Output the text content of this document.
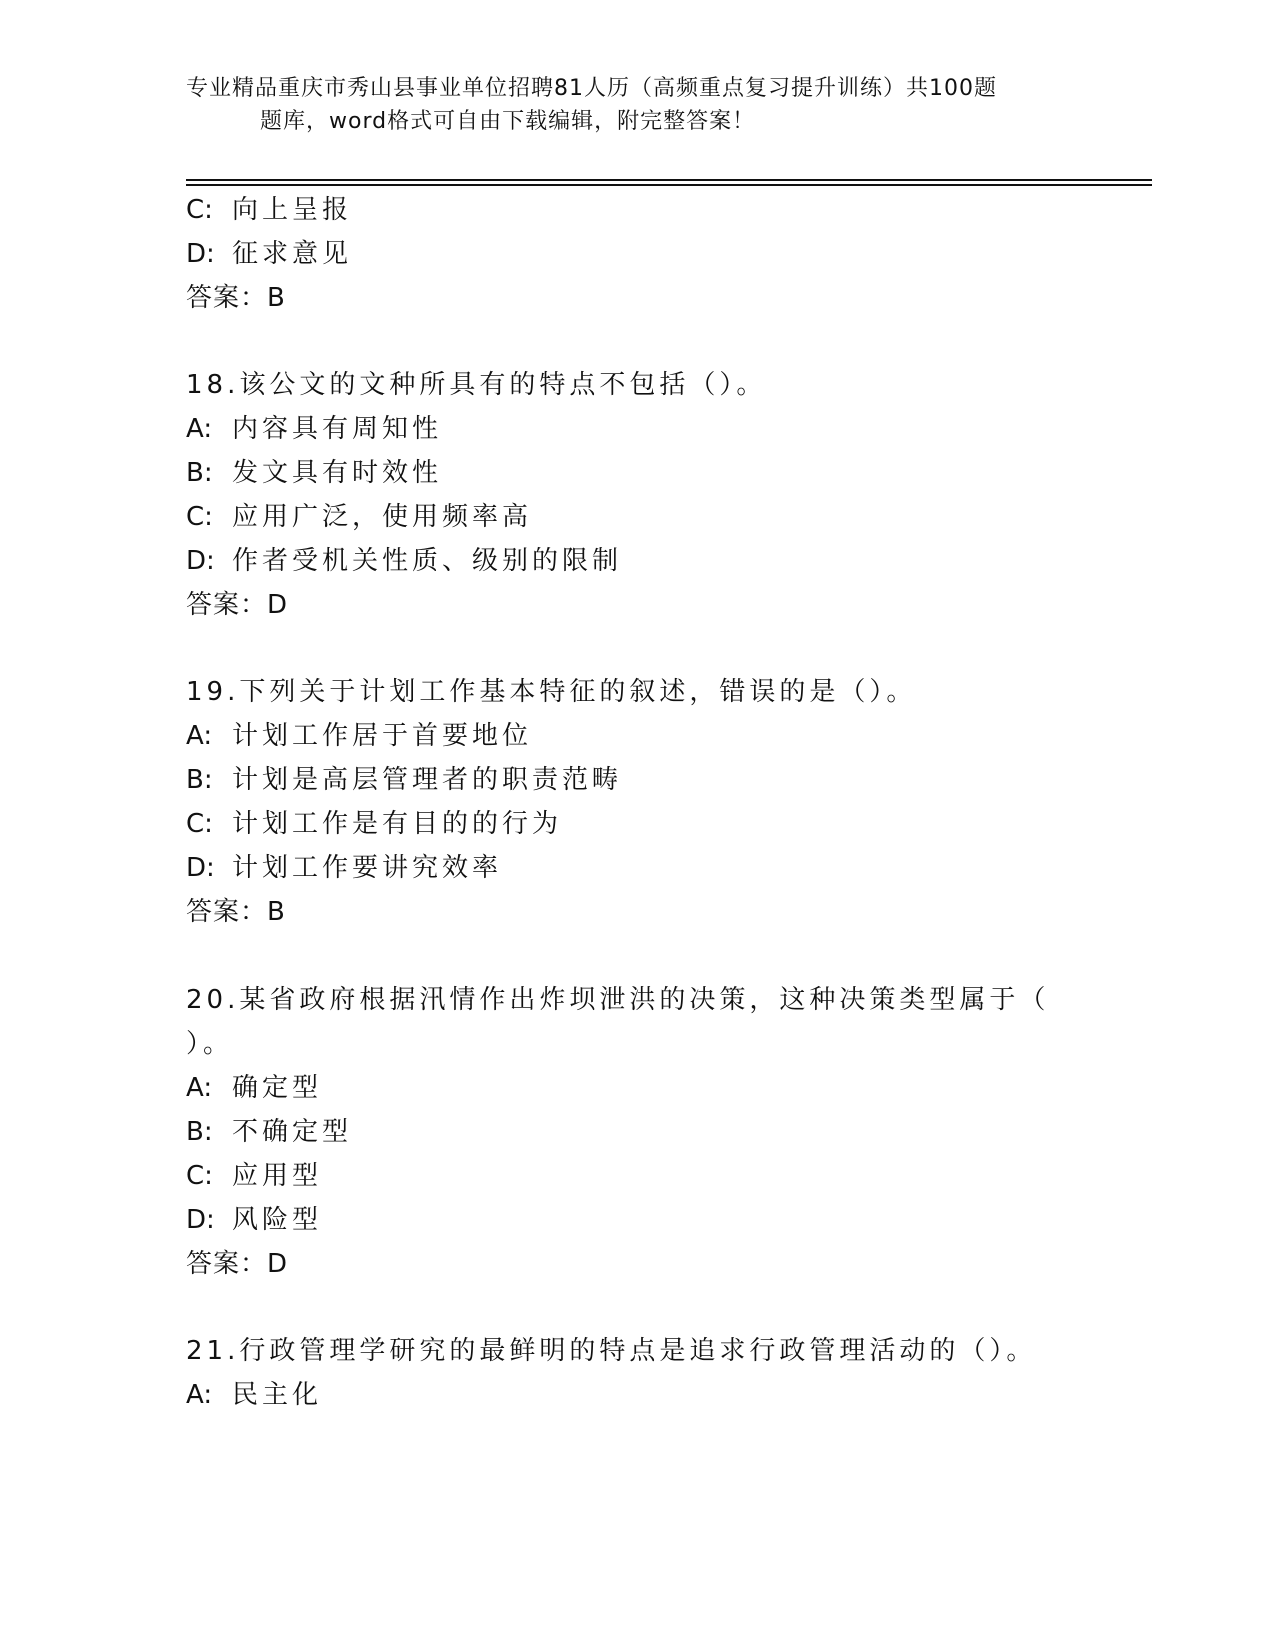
专业精品重庆市秀山县事业单位招聘81人历（高频重点复习提升训练）共100题
题库，word格式可自由下载编辑，附完整答案！
C: 向上呈报
D: 征求意见
答案：B
18.该公文的文种所具有的特点不包括（）。
A: 内容具有周知性
B: 发文具有时效性
C: 应用广泛，使用频率高
D: 作者受机关性质、级别的限制
答案：D
19.下列关于计划工作基本特征的叙述，错误的是（）。
A: 计划工作居于首要地位
B: 计划是高层管理者的职责范畴
C: 计划工作是有目的的行为
D: 计划工作要讲究效率
答案：B
20.某省政府根据汛情作出炸坝泄洪的决策，这种决策类型属于（
）。
A: 确定型
B: 不确定型
C: 应用型
D: 风险型
答案：D
21.行政管理学研究的最鲜明的特点是追求行政管理活动的（）。
A: 民主化
